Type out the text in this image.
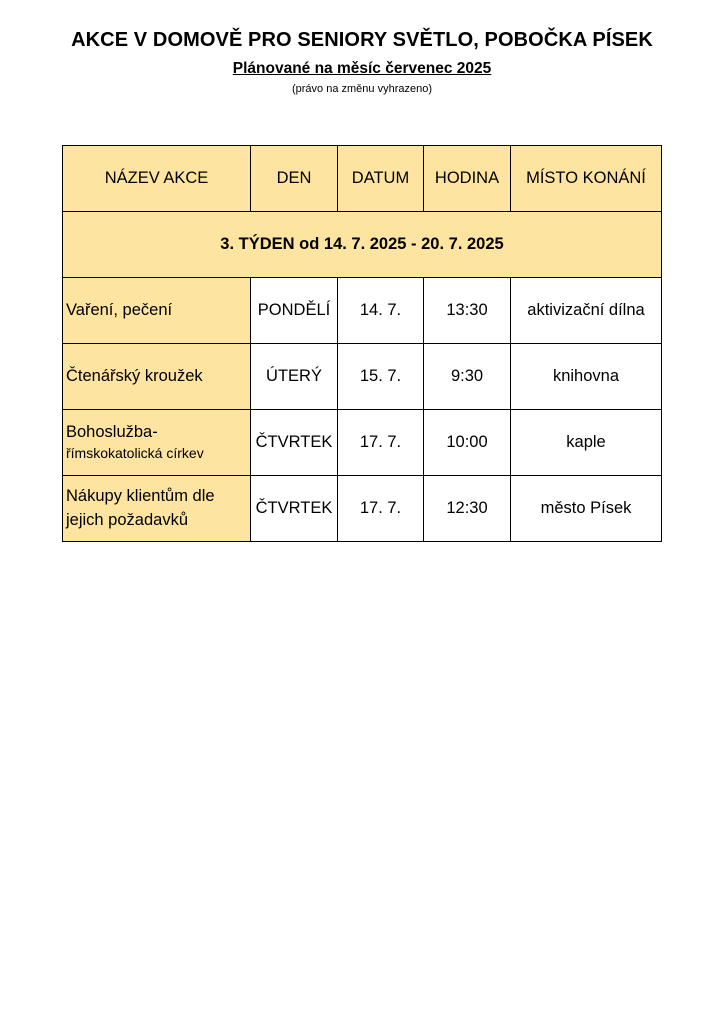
AKCE V DOMOVĚ PRO SENIORY SVĚTLO, POBOČKA PÍSEK
Plánované na měsíc červenec 2025
(právo na změnu vyhrazeno)
NÁZEV AKCE	DEN	DATUM	HODINA	MÍSTO KONÁNÍ
3. TÝDEN od 14. 7. 2025 - 20. 7. 2025				
Vaření, pečení	PONDĚLÍ	14. 7.	13:30	aktivizační dílna
Čtenářský kroužek	ÚTERÝ	15. 7.	9:30	knihovna

Bohoslužba-
římskokatolická církev	ČTVRTEK	17. 7.	10:00	kaple

Nákupy klientům dle
jejich požadavků	ČTVRTEK	17. 7.	12:30	město Písek
